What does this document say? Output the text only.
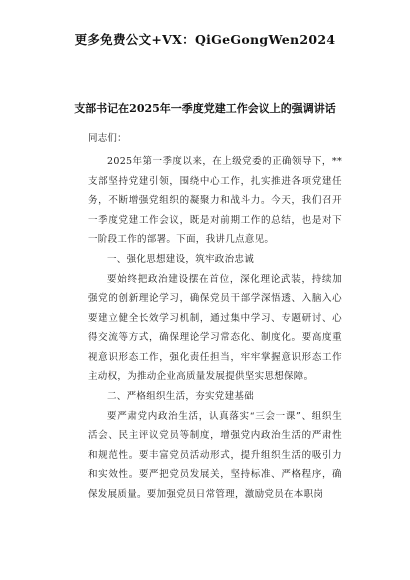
更多免费公文+VX：QiGeGongWen2024
支部书记在2025年一季度党建工作会议上的强调讲话
同志们：

2025年第一季度以来，在上级党委的正确领导下，**支部坚持党建引领，围绕中心工作，扎实推进各项党建任务，不断增强党组织的凝聚力和战斗力。今天，我们召开一季度党建工作会议，既是对前期工作的总结，也是对下一阶段工作的部署。下面，我讲几点意见。

一、强化思想建设，筑牢政治忠诚

要始终把政治建设摆在首位，深化理论武装，持续加强党的创新理论学习，确保党员干部学深悟透、入脑入心要建立健全长效学习机制，通过集中学习、专题研讨、心得交流等方式，确保理论学习常态化、制度化。要高度重视意识形态工作，强化责任担当，牢牢掌握意识形态工作主动权，为推动企业高质量发展提供坚实思想保障。

二、严格组织生活，夯实党建基础

要严肃党内政治生活，认真落实“三会一课”、组织生活会、民主评议党员等制度，增强党内政治生活的严肃性和规范性。要丰富党员活动形式，提升组织生活的吸引力和实效性。要严把党员发展关，坚持标准、严格程序，确保发展质量。要加强党员日常管理，激励党员在本职岗
